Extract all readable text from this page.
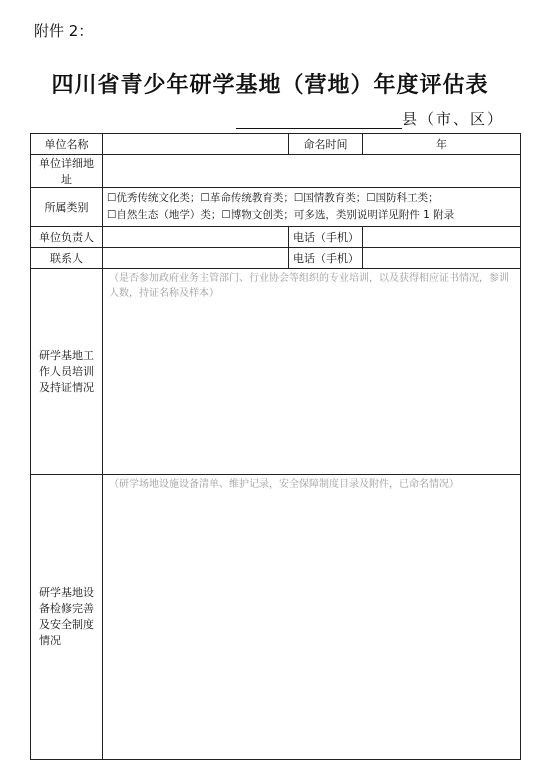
附件 2：
四川省青少年研学基地（营地）年度评估表
县（市、区）
单位名称		命名时间	年
单位详细地址			
所属类别	☐优秀传统文化类；☐革命传统教育类；☐国情教育类；☐国防科工类；
☐自然生态（地学）类；☐博物文创类；可多选，类别说明详见附件 1 附录		

单位负责人		电话（手机）	
联系人		电话（手机）	
研学基地工作人员培训及持证情况	（是否参加政府业务主管部门、行业协会等组织的专业培训，以及获得相应证书情况，参训人数，持证名称及样本）		

研学基地设备检修完善及安全制度情况	（研学场地设施设备清单、维护记录，安全保障制度目录及附件，已命名情况）		
